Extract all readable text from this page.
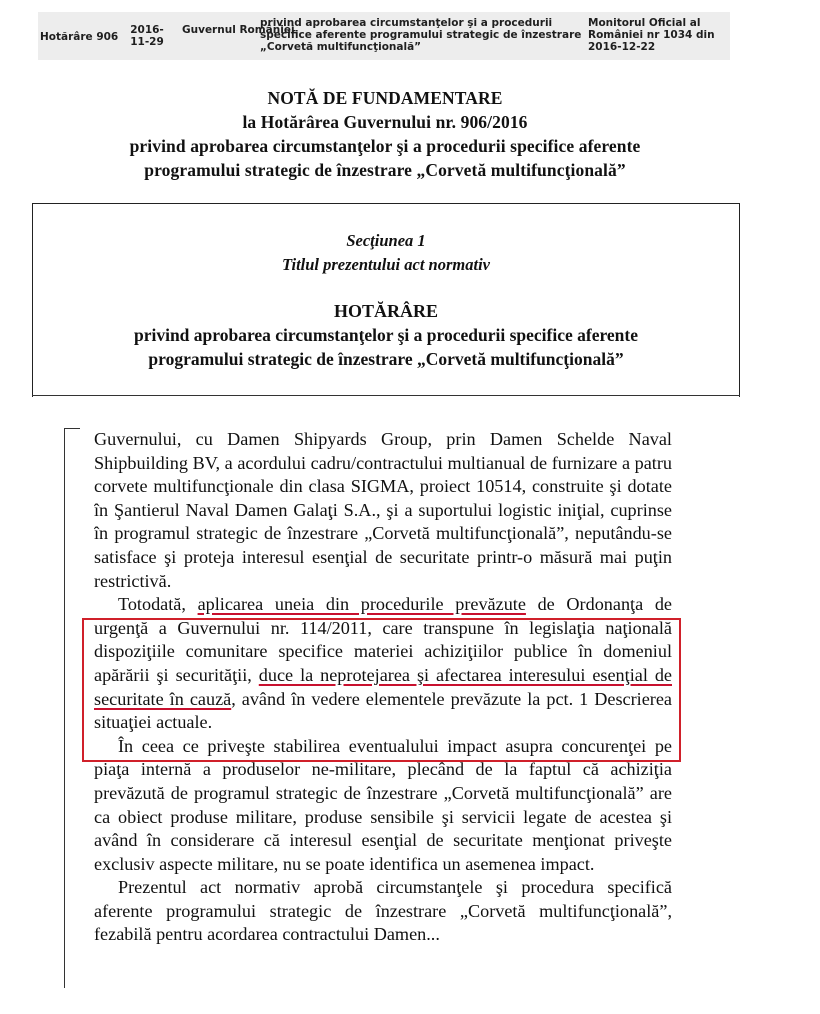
Hotărâre 906
2016-11-29
Guvernul României
privind aprobarea circumstanţelor şi a procedurii specifice aferente programului strategic de înzestrare „Corvetă multifuncţională”
Monitorul Oficial al României nr 1034 din 2016-12-22
NOTĂ DE FUNDAMENTARE
la Hotărârea Guvernului nr. 906/2016
privind aprobarea circumstanţelor şi a procedurii specifice aferente
programului strategic de înzestrare „Corvetă multifuncţională”
Secţiunea 1
Titlul prezentului act normativ
HOTĂRÂRE
privind aprobarea circumstanţelor şi a procedurii specifice aferente
programului strategic de înzestrare „Corvetă multifuncţională”

Guvernului, cu Damen Shipyards Group, prin Damen Schelde Naval Shipbuilding BV, a acordului cadru/contractului multianual de furnizare a patru corvete multifuncţionale din clasa SIGMA, proiect 10514, construite şi dotate în Şantierul Naval Damen Galaţi S.A., şi a suportului logistic iniţial, cuprinse în programul strategic de înzestrare „Corvetă multifuncţională”, neputându-se satisface şi proteja interesul esenţial de securitate printr-o măsură mai puţin restrictivă.

Totodată, aplicarea uneia din procedurile prevăzute de Ordonanţa de urgenţă a Guvernului nr. 114/2011, care transpune în legislaţia naţională dispoziţiile comunitare specifice materiei achiziţiilor publice în domeniul apărării şi securităţii, duce la neprotejarea şi afectarea interesului esenţial de securitate în cauză, având în vedere elementele prevăzute la pct. 1 Descrierea situaţiei actuale.

În ceea ce priveşte stabilirea eventualului impact asupra concurenţei pe piaţa internă a produselor ne-militare, plecând de la faptul că achiziţia prevăzută de programul strategic de înzestrare „Corvetă multifuncţională” are ca obiect produse militare, produse sensibile şi servicii legate de acestea şi având în considerare că interesul esenţial de securitate menţionat priveşte exclusiv aspecte militare, nu se poate identifica un asemenea impact.

Prezentul act normativ aprobă circumstanţele şi procedura specifică aferente programului strategic de înzestrare „Corvetă multifuncţională”, fezabilă pentru acordarea contractului Damen...
